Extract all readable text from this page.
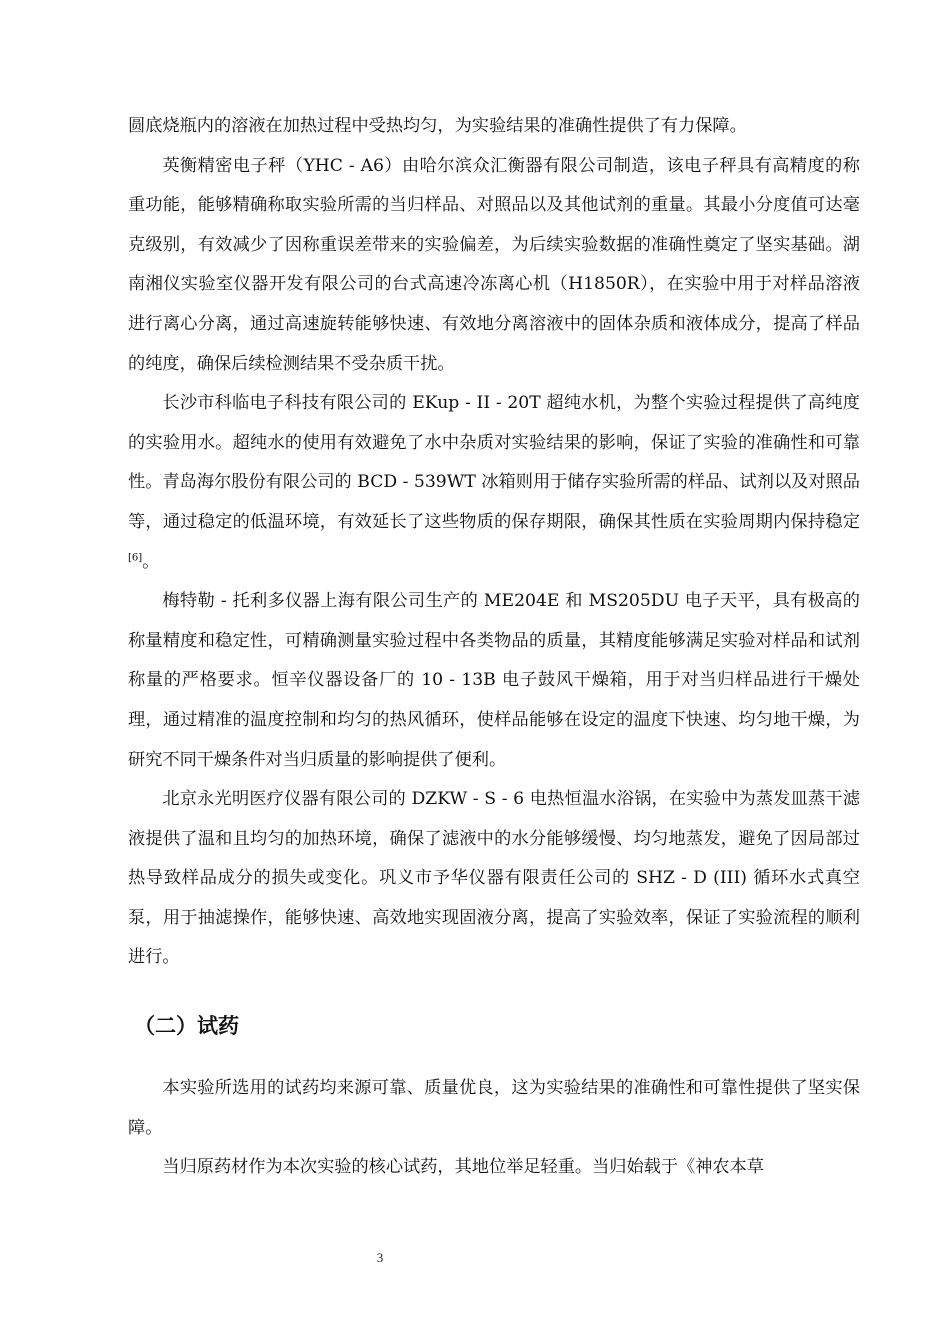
圆底烧瓶内的溶液在加热过程中受热均匀，为实验结果的准确性提供了有力保障。

英衡精密电子秤（YHC - A6）由哈尔滨众汇衡器有限公司制造，该电子秤具有高精度的称重功能，能够精确称取实验所需的当归样品、对照品以及其他试剂的重量。其最小分度值可达毫克级别，有效减少了因称重误差带来的实验偏差，为后续实验数据的准确性奠定了坚实基础。湖南湘仪实验室仪器开发有限公司的台式高速冷冻离心机（H1850R），在实验中用于对样品溶液进行离心分离，通过高速旋转能够快速、有效地分离溶液中的固体杂质和液体成分，提高了样品的纯度，确保后续检测结果不受杂质干扰。

长沙市科临电子科技有限公司的 EKup - II - 20T 超纯水机，为整个实验过程提供了高纯度的实验用水。超纯水的使用有效避免了水中杂质对实验结果的影响，保证了实验的准确性和可靠性。青岛海尔股份有限公司的 BCD - 539WT 冰箱则用于储存实验所需的样品、试剂以及对照品等，通过稳定的低温环境，有效延长了这些物质的保存期限，确保其性质在实验周期内保持稳定[6]。

梅特勒 - 托利多仪器上海有限公司生产的 ME204E 和 MS205DU 电子天平，具有极高的称量精度和稳定性，可精确测量实验过程中各类物品的质量，其精度能够满足实验对样品和试剂称量的严格要求。恒辛仪器设备厂的 10 - 13B 电子鼓风干燥箱，用于对当归样品进行干燥处理，通过精准的温度控制和均匀的热风循环，使样品能够在设定的温度下快速、均匀地干燥，为研究不同干燥条件对当归质量的影响提供了便利。

北京永光明医疗仪器有限公司的 DZKW - S - 6 电热恒温水浴锅，在实验中为蒸发皿蒸干滤液提供了温和且均匀的加热环境，确保了滤液中的水分能够缓慢、均匀地蒸发，避免了因局部过热导致样品成分的损失或变化。巩义市予华仪器有限责任公司的 SHZ - D (III) 循环水式真空泵，用于抽滤操作，能够快速、高效地实现固液分离，提高了实验效率，保证了实验流程的顺利进行。

（二）试药

本实验所选用的试药均来源可靠、质量优良，这为实验结果的准确性和可靠性提供了坚实保障。

当归原药材作为本次实验的核心试药，其地位举足轻重。当归始载于《神农本草

3
